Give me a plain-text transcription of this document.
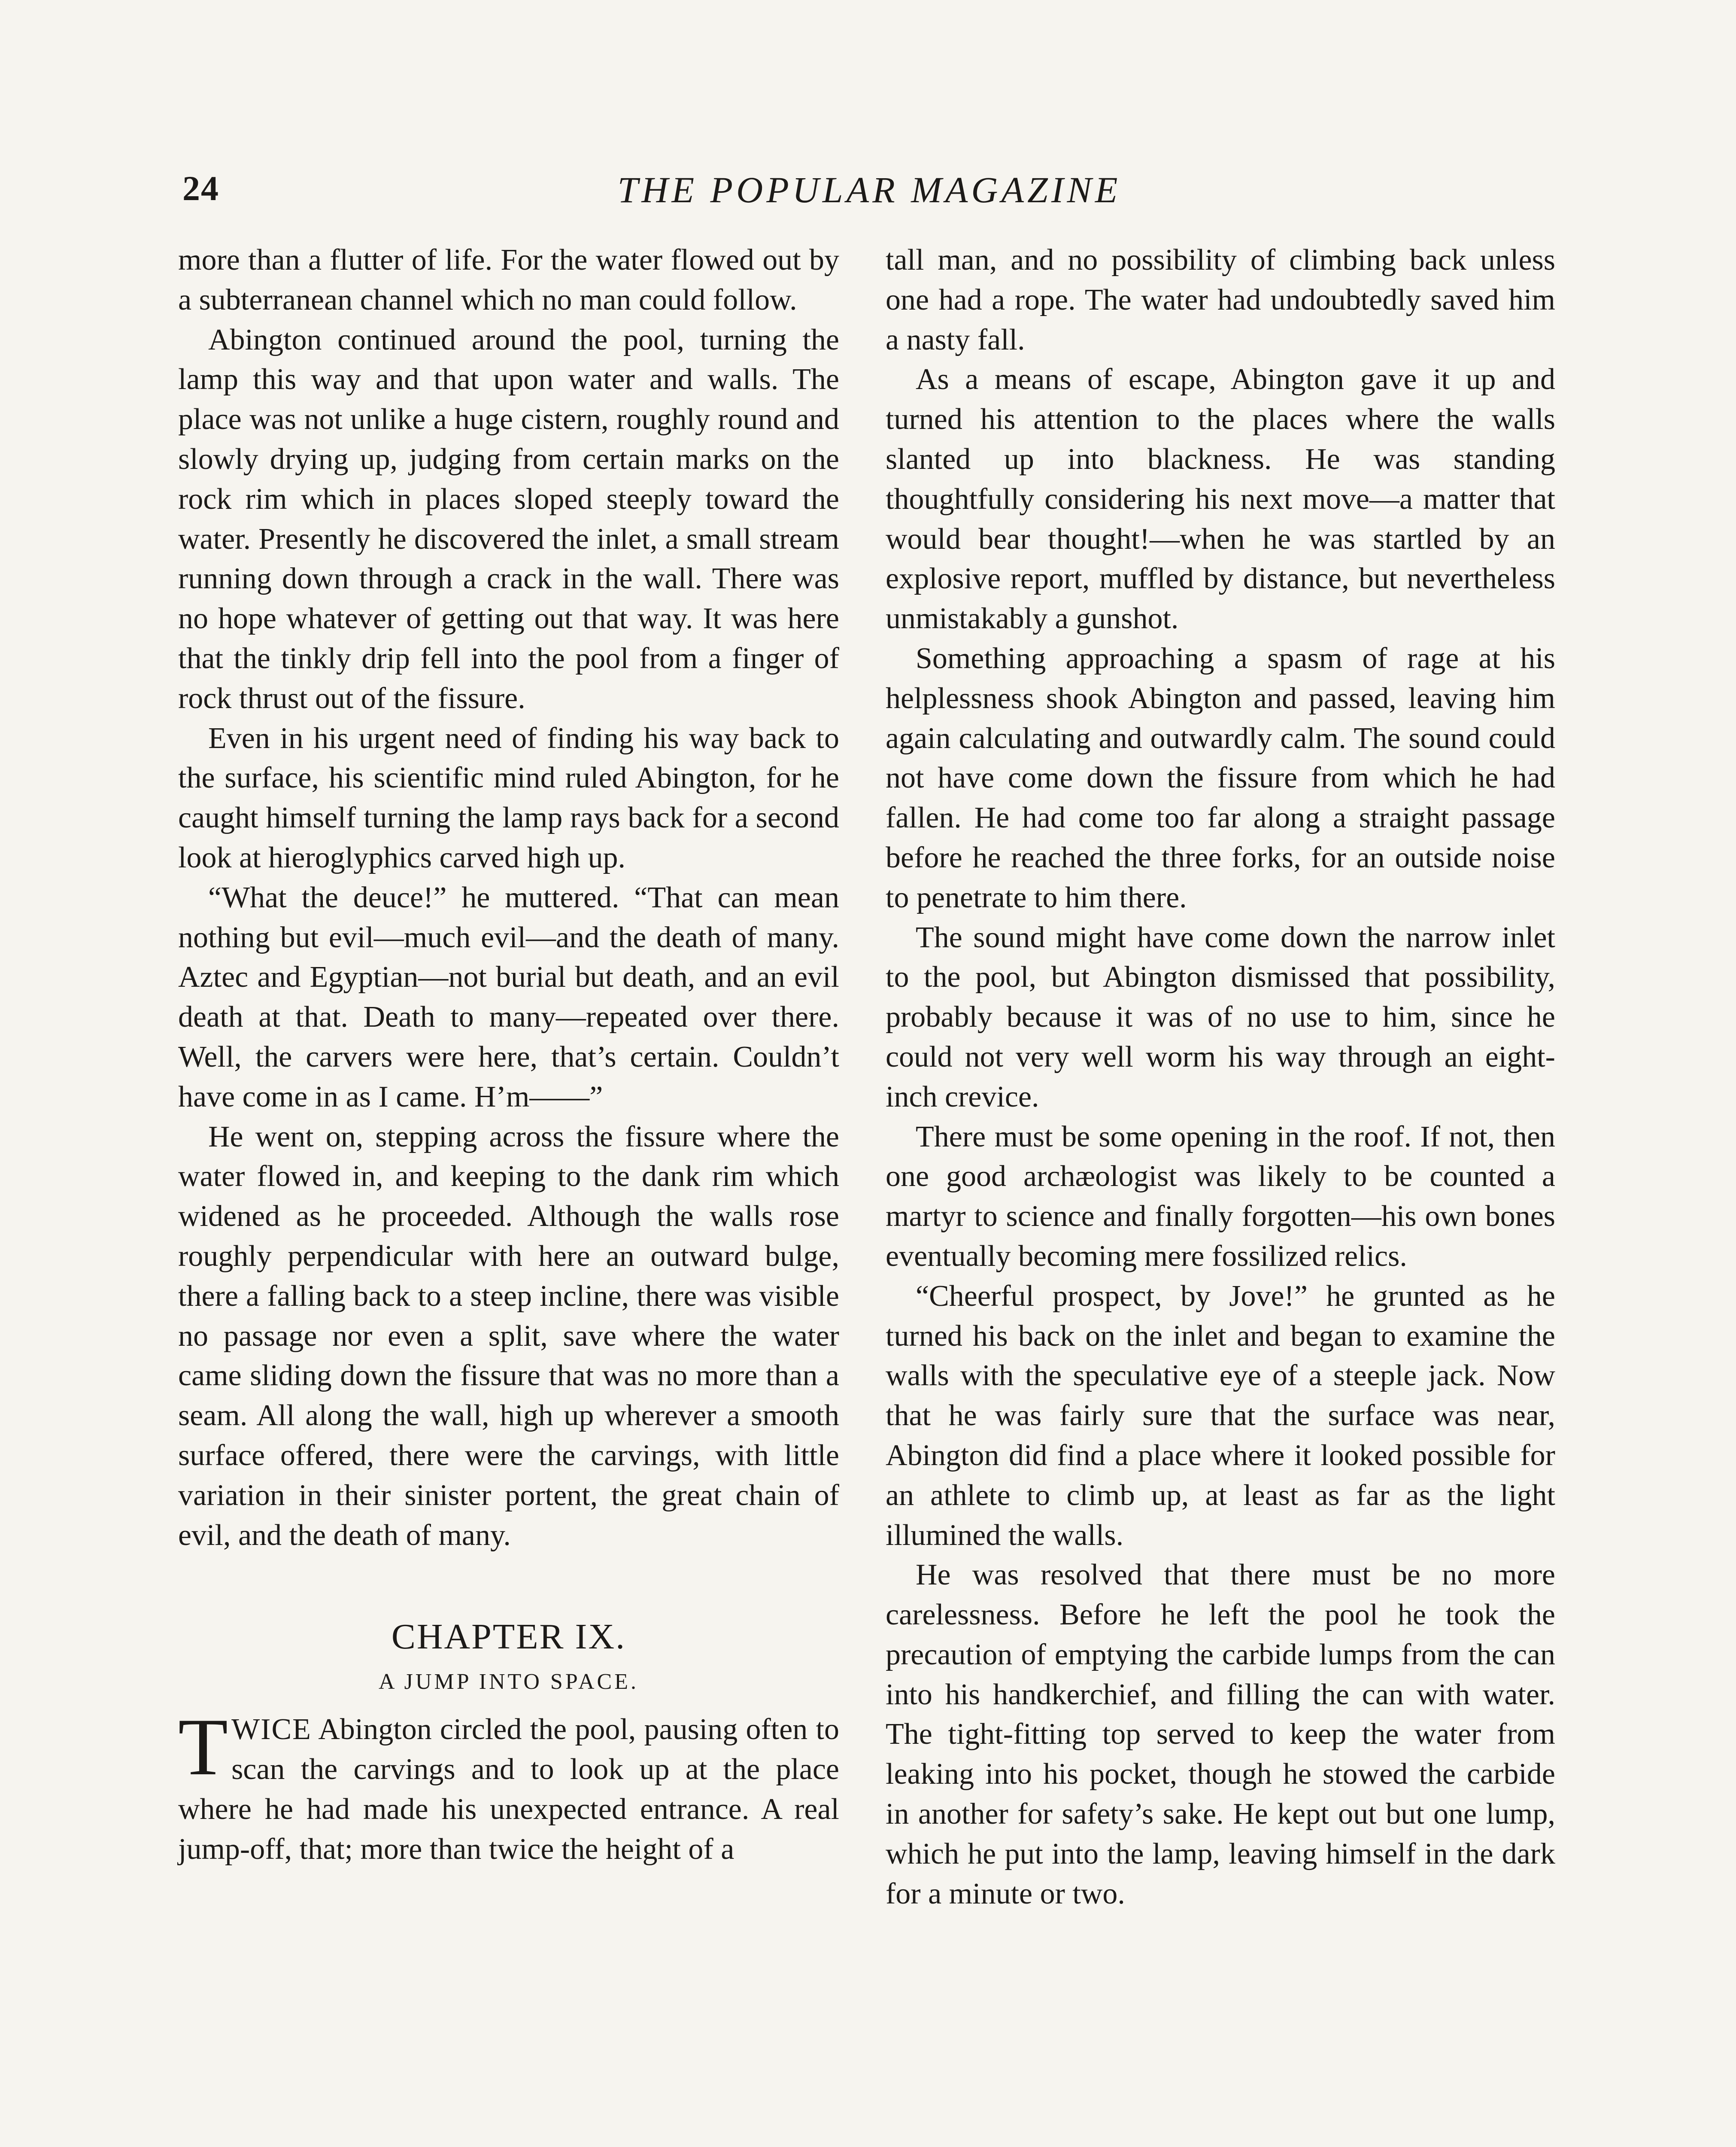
24	THE POPULAR MAGAZINE

more than a flutter of life. For the water flowed out by a subterranean channel which no man could follow.

Abington continued around the pool, turning the lamp this way and that upon water and walls. The place was not unlike a huge cistern, roughly round and slowly drying up, judging from certain marks on the rock rim which in places sloped steeply toward the water. Presently he discovered the inlet, a small stream running down through a crack in the wall. There was no hope whatever of getting out that way. It was here that the tinkly drip fell into the pool from a finger of rock thrust out of the fissure.

Even in his urgent need of finding his way back to the surface, his scientific mind ruled Abington, for he caught himself turning the lamp rays back for a second look at hieroglyphics carved high up.

“What the deuce!” he muttered. “That can mean nothing but evil—much evil—and the death of many. Aztec and Egyptian—not burial but death, and an evil death at that. Death to many—repeated over there. Well, the carvers were here, that’s certain. Couldn’t have come in as I came. H’m——”

He went on, stepping across the fissure where the water flowed in, and keeping to the dank rim which widened as he proceeded. Although the walls rose roughly perpendicular with here an outward bulge, there a falling back to a steep incline, there was visible no passage nor even a split, save where the water came sliding down the fissure that was no more than a seam. All along the wall, high up wherever a smooth surface offered, there were the carvings, with little variation in their sinister portent, the great chain of evil, and the death of many.

CHAPTER IX.

A JUMP INTO SPACE.

TWICE Abington circled the pool, pausing often to scan the carvings and to look up at the place where he had made his unexpected entrance. A real jump-off, that; more than twice the height of a

tall man, and no possibility of climbing back unless one had a rope. The water had undoubtedly saved him a nasty fall.

As a means of escape, Abington gave it up and turned his attention to the places where the walls slanted up into blackness. He was standing thoughtfully considering his next move—a matter that would bear thought!—when he was startled by an explosive report, muffled by distance, but nevertheless unmistakably a gunshot.

Something approaching a spasm of rage at his helplessness shook Abington and passed, leaving him again calculating and outwardly calm. The sound could not have come down the fissure from which he had fallen. He had come too far along a straight passage before he reached the three forks, for an outside noise to penetrate to him there.

The sound might have come down the narrow inlet to the pool, but Abington dismissed that possibility, probably because it was of no use to him, since he could not very well worm his way through an eight-inch crevice.

There must be some opening in the roof. If not, then one good archæologist was likely to be counted a martyr to science and finally forgotten—his own bones eventually becoming mere fossilized relics.

“Cheerful prospect, by Jove!” he grunted as he turned his back on the inlet and began to examine the walls with the speculative eye of a steeple jack. Now that he was fairly sure that the surface was near, Abington did find a place where it looked possible for an athlete to climb up, at least as far as the light illumined the walls.

He was resolved that there must be no more carelessness. Before he left the pool he took the precaution of emptying the carbide lumps from the can into his handkerchief, and filling the can with water. The tight-fitting top served to keep the water from leaking into his pocket, though he stowed the carbide in another for safety’s sake. He kept out but one lump, which he put into the lamp, leaving himself in the dark for a minute or two.
